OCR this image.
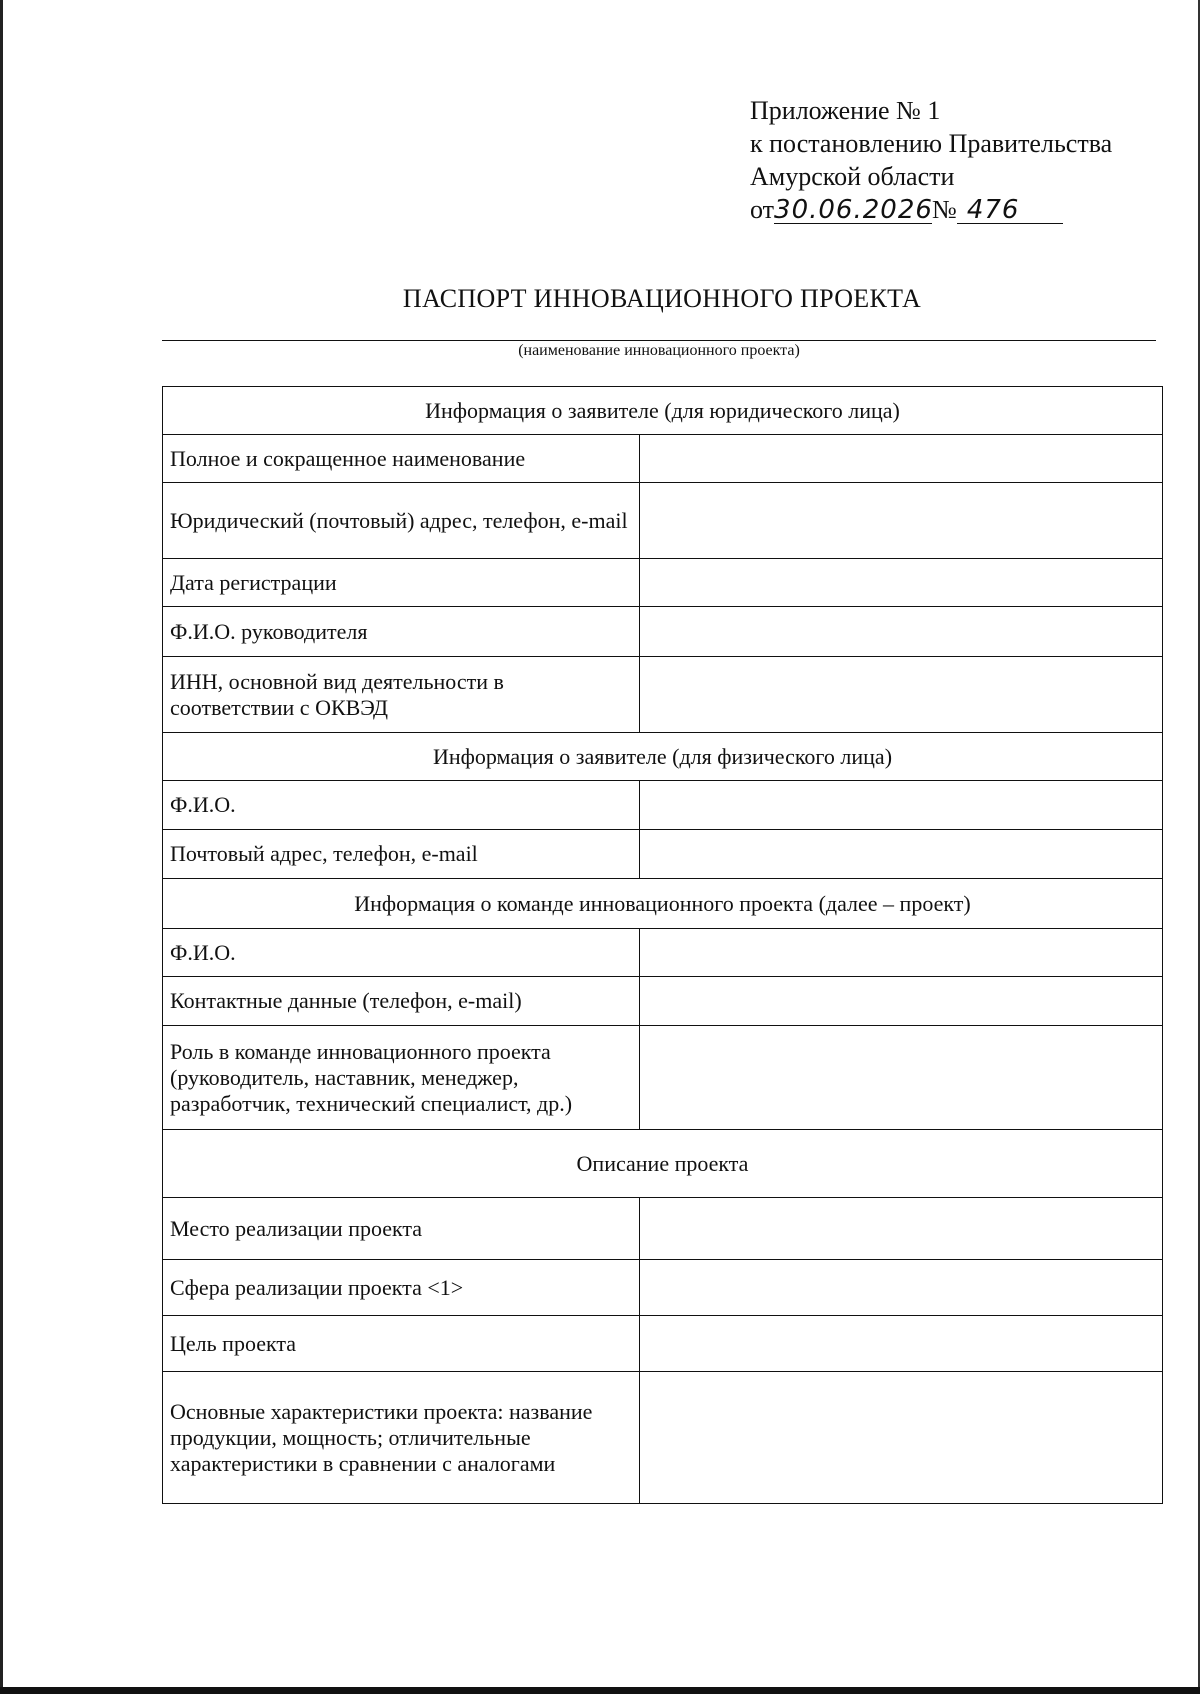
Приложение № 1
к постановлению Правительства
Амурской области
от30.06.2026№ 476
ПАСПОРТ ИННОВАЦИОННОГО ПРОЕКТА
(наименование инновационного проекта)
Информация о заявителе (для юридического лица)	
Полное и сокращенное наименование	
Юридический (почтовый) адрес, телефон, e-mail	
Дата регистрации	
Ф.И.О. руководителя	
ИНН, основной вид деятельности в соответствии с ОКВЭД	
Информация о заявителе (для физического лица)	
Ф.И.О.	
Почтовый адрес, телефон, e-mail	
Информация о команде инновационного проекта (далее – проект)	
Ф.И.О.	
Контактные данные (телефон, e-mail)	
Роль в команде инновационного проекта (руководитель, наставник, менеджер, разработчик, технический специалист, др.)	
Описание проекта	
Место реализации проекта	
Сфера реализации проекта <1>	
Цель проекта	
Основные характеристики проекта: название продукции, мощность; отличительные характеристики в сравнении с аналогами	
